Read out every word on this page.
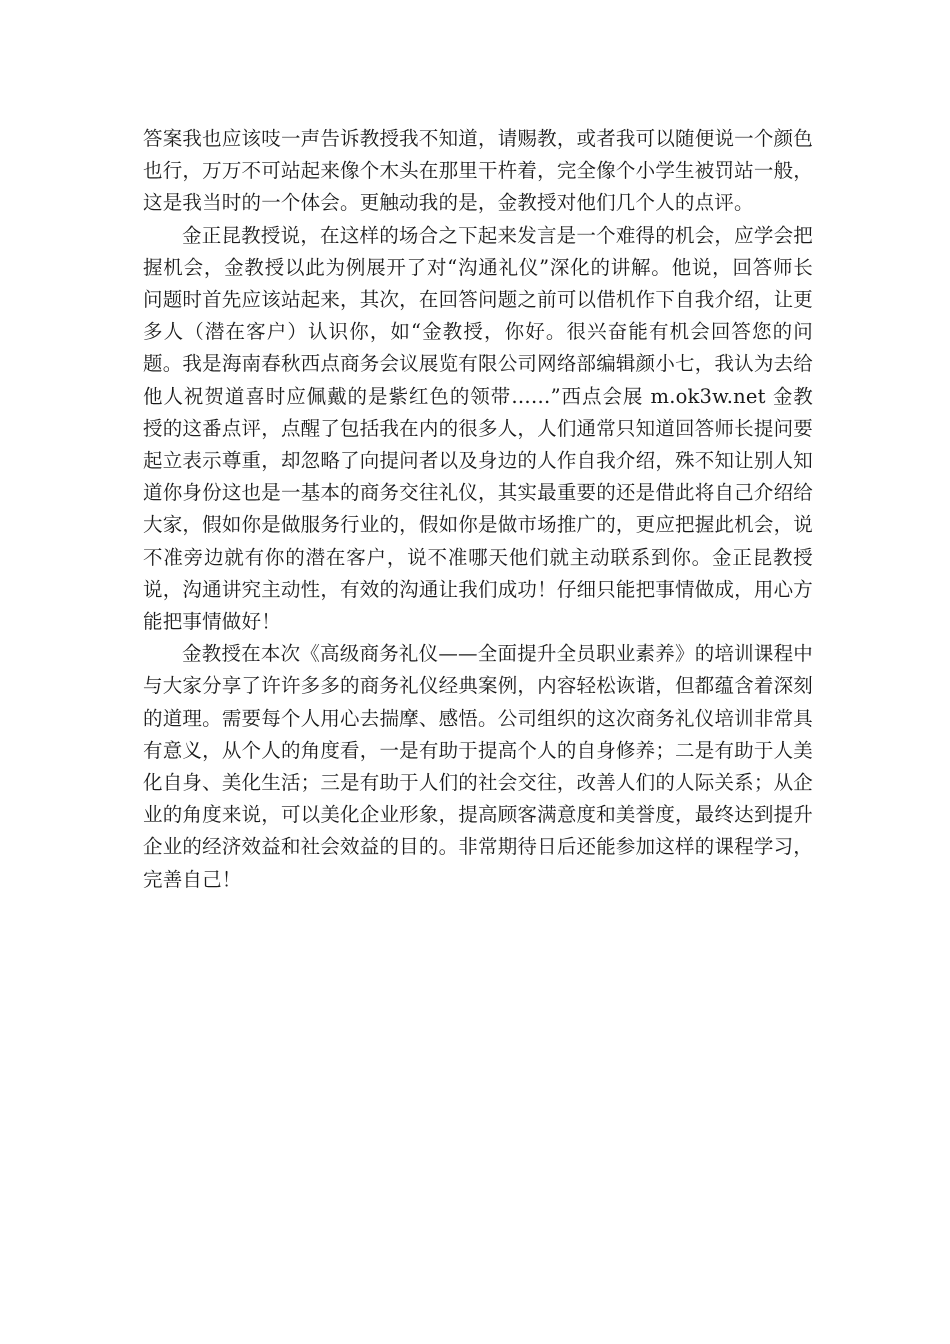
答案我也应该吱一声告诉教授我不知道，请赐教，或者我可以随便说一个颜色也行，万万不可站起来像个木头在那里干杵着，完全像个小学生被罚站一般，这是我当时的一个体会。更触动我的是，金教授对他们几个人的点评。

金正昆教授说，在这样的场合之下起来发言是一个难得的机会，应学会把握机会，金教授以此为例展开了对“沟通礼仪”深化的讲解。他说，回答师长问题时首先应该站起来，其次，在回答问题之前可以借机作下自我介绍，让更多人（潜在客户）认识你，如“金教授，你好。很兴奋能有机会回答您的问题。我是海南春秋西点商务会议展览有限公司网络部编辑颜小七，我认为去给他人祝贺道喜时应佩戴的是紫红色的领带……”西点会展 m.ok3w.net 金教授的这番点评，点醒了包括我在内的很多人，人们通常只知道回答师长提问要起立表示尊重，却忽略了向提问者以及身边的人作自我介绍，殊不知让别人知道你身份这也是一基本的商务交往礼仪，其实最重要的还是借此将自己介绍给大家，假如你是做服务行业的，假如你是做市场推广的，更应把握此机会，说不准旁边就有你的潜在客户，说不准哪天他们就主动联系到你。金正昆教授说，沟通讲究主动性，有效的沟通让我们成功！仔细只能把事情做成，用心方能把事情做好！

金教授在本次《高级商务礼仪——全面提升全员职业素养》的培训课程中与大家分享了许许多多的商务礼仪经典案例，内容轻松诙谐，但都蕴含着深刻的道理。需要每个人用心去揣摩、感悟。公司组织的这次商务礼仪培训非常具有意义，从个人的角度看，一是有助于提高个人的自身修养；二是有助于人美化自身、美化生活；三是有助于人们的社会交往，改善人们的人际关系；从企业的角度来说，可以美化企业形象，提高顾客满意度和美誉度，最终达到提升企业的经济效益和社会效益的目的。非常期待日后还能参加这样的课程学习，完善自己！
